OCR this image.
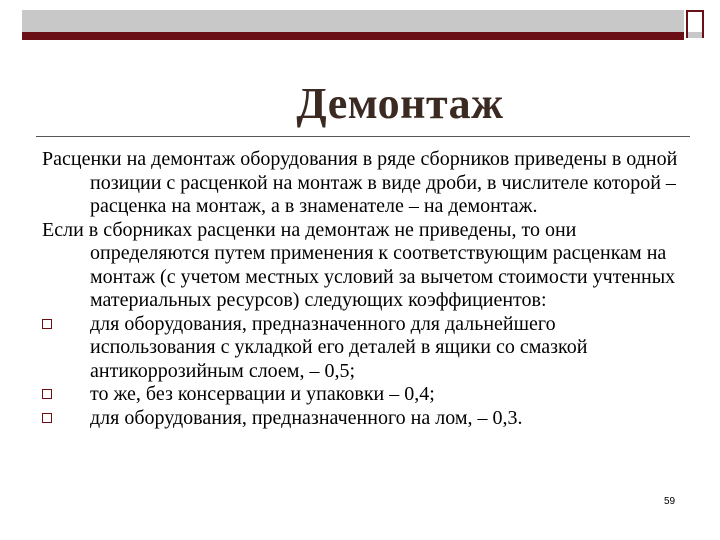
Демонтаж

Расценки на демонтаж оборудования в ряде сборников приведены в одной позиции с расценкой на монтаж в виде дроби, в числителе которой – расценка на монтаж, а в знаменателе – на демонтаж.

Если в сборниках расценки на демонтаж не приведены, то они определяются путем применения к соответствующим расценкам на монтаж (с учетом местных условий за вычетом стоимости учтенных материальных ресурсов) следующих коэффициентов:

для оборудования, предназначенного для дальнейшего использования с укладкой его деталей в ящики со смазкой антикоррозийным слоем, – 0,5;

то же, без консервации и упаковки – 0,4;

для оборудования, предназначенного на лом, – 0,3.

59
